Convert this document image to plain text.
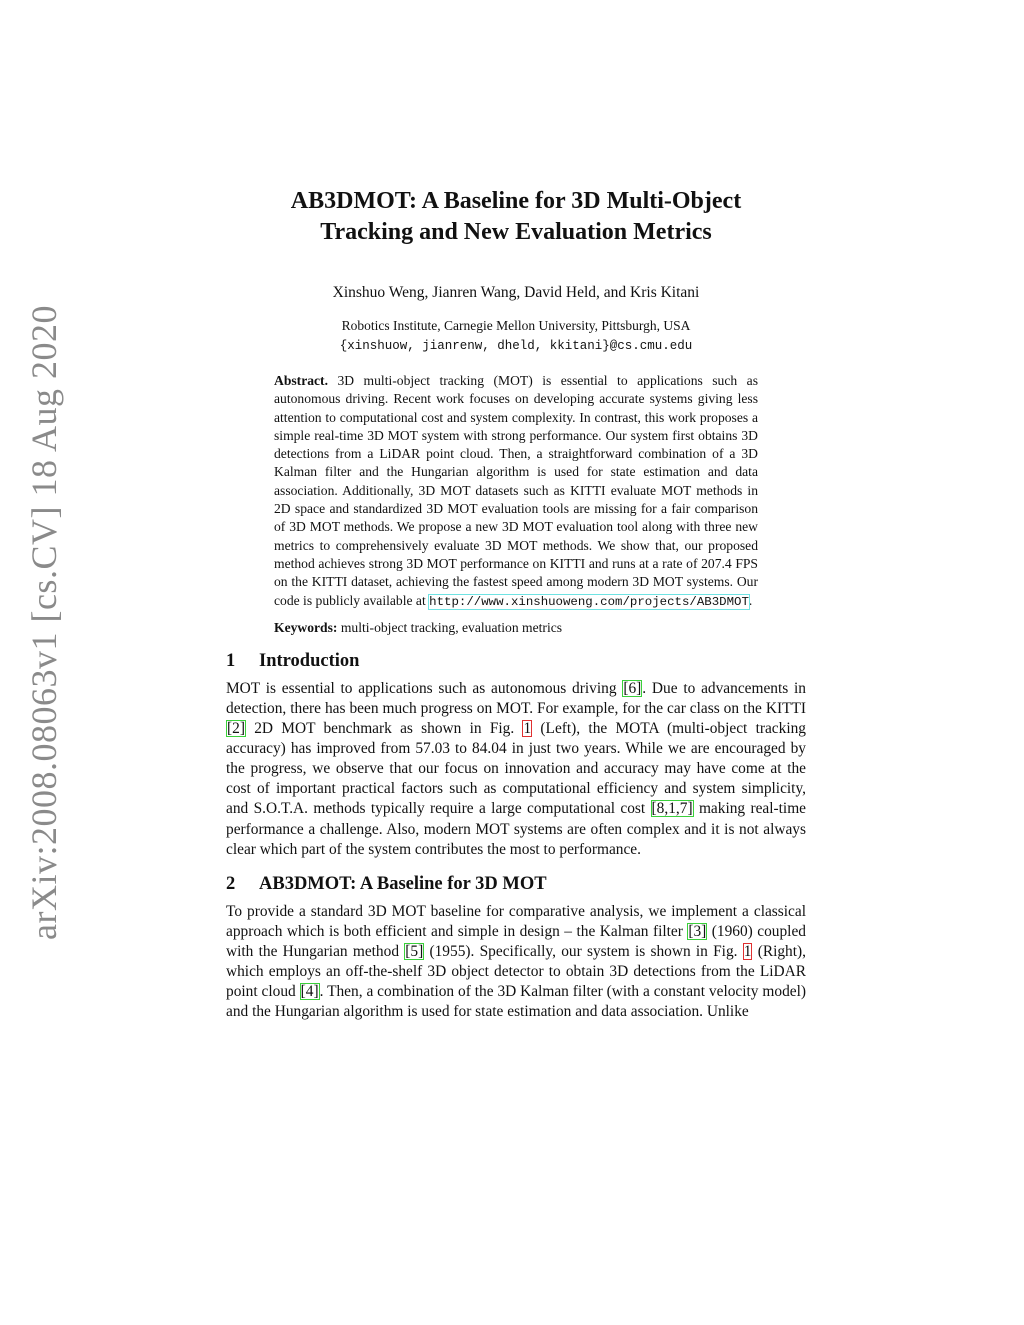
arXiv:2008.08063v1 [cs.CV] 18 Aug 2020
AB3DMOT: A Baseline for 3D Multi-Object
Tracking and New Evaluation Metrics
Xinshuo Weng, Jianren Wang, David Held, and Kris Kitani
Robotics Institute, Carnegie Mellon University, Pittsburgh, USA
{xinshuow, jianrenw, dheld, kkitani}@cs.cmu.edu
Abstract. 3D multi-object tracking (MOT) is essential to applications such as autonomous driving. Recent work focuses on developing accurate systems giving less attention to computational cost and system complexity. In contrast, this work proposes a simple real-time 3D MOT system with strong performance. Our system first obtains 3D detections from a LiDAR point cloud. Then, a straightforward combination of a 3D Kalman filter and the Hungarian algorithm is used for state estimation and data association. Additionally, 3D MOT datasets such as KITTI evaluate MOT methods in 2D space and standardized 3D MOT evaluation tools are missing for a fair comparison of 3D MOT methods. We propose a new 3D MOT evaluation tool along with three new metrics to comprehensively evaluate 3D MOT methods. We show that, our proposed method achieves strong 3D MOT performance on KITTI and runs at a rate of 207.4 FPS on the KITTI dataset, achieving the fastest speed among modern 3D MOT systems. Our code is publicly available at http://www.xinshuoweng.com/projects/AB3DMOT.
Keywords: multi-object tracking, evaluation metrics
1	Introduction

MOT is essential to applications such as autonomous driving [6]. Due to advancements in detection, there has been much progress on MOT. For example, for the car class on the KITTI [2] 2D MOT benchmark as shown in Fig. 1 (Left), the MOTA (multi-object tracking accuracy) has improved from 57.03 to 84.04 in just two years. While we are encouraged by the progress, we observe that our focus on innovation and accuracy may have come at the cost of important practical factors such as computational efficiency and system simplicity, and S.O.T.A. methods typically require a large computational cost [8,1,7] making real-time performance a challenge. Also, modern MOT systems are often complex and it is not always clear which part of the system contributes the most to performance.

2	AB3DMOT: A Baseline for 3D MOT

To provide a standard 3D MOT baseline for comparative analysis, we implement a classical approach which is both efficient and simple in design – the Kalman filter [3] (1960) coupled with the Hungarian method [5] (1955). Specifically, our system is shown in Fig. 1 (Right), which employs an off-the-shelf 3D object detector to obtain 3D detections from the LiDAR point cloud [4]. Then, a combination of the 3D Kalman filter (with a constant velocity model) and the Hungarian algorithm is used for state estimation and data association. Unlike
